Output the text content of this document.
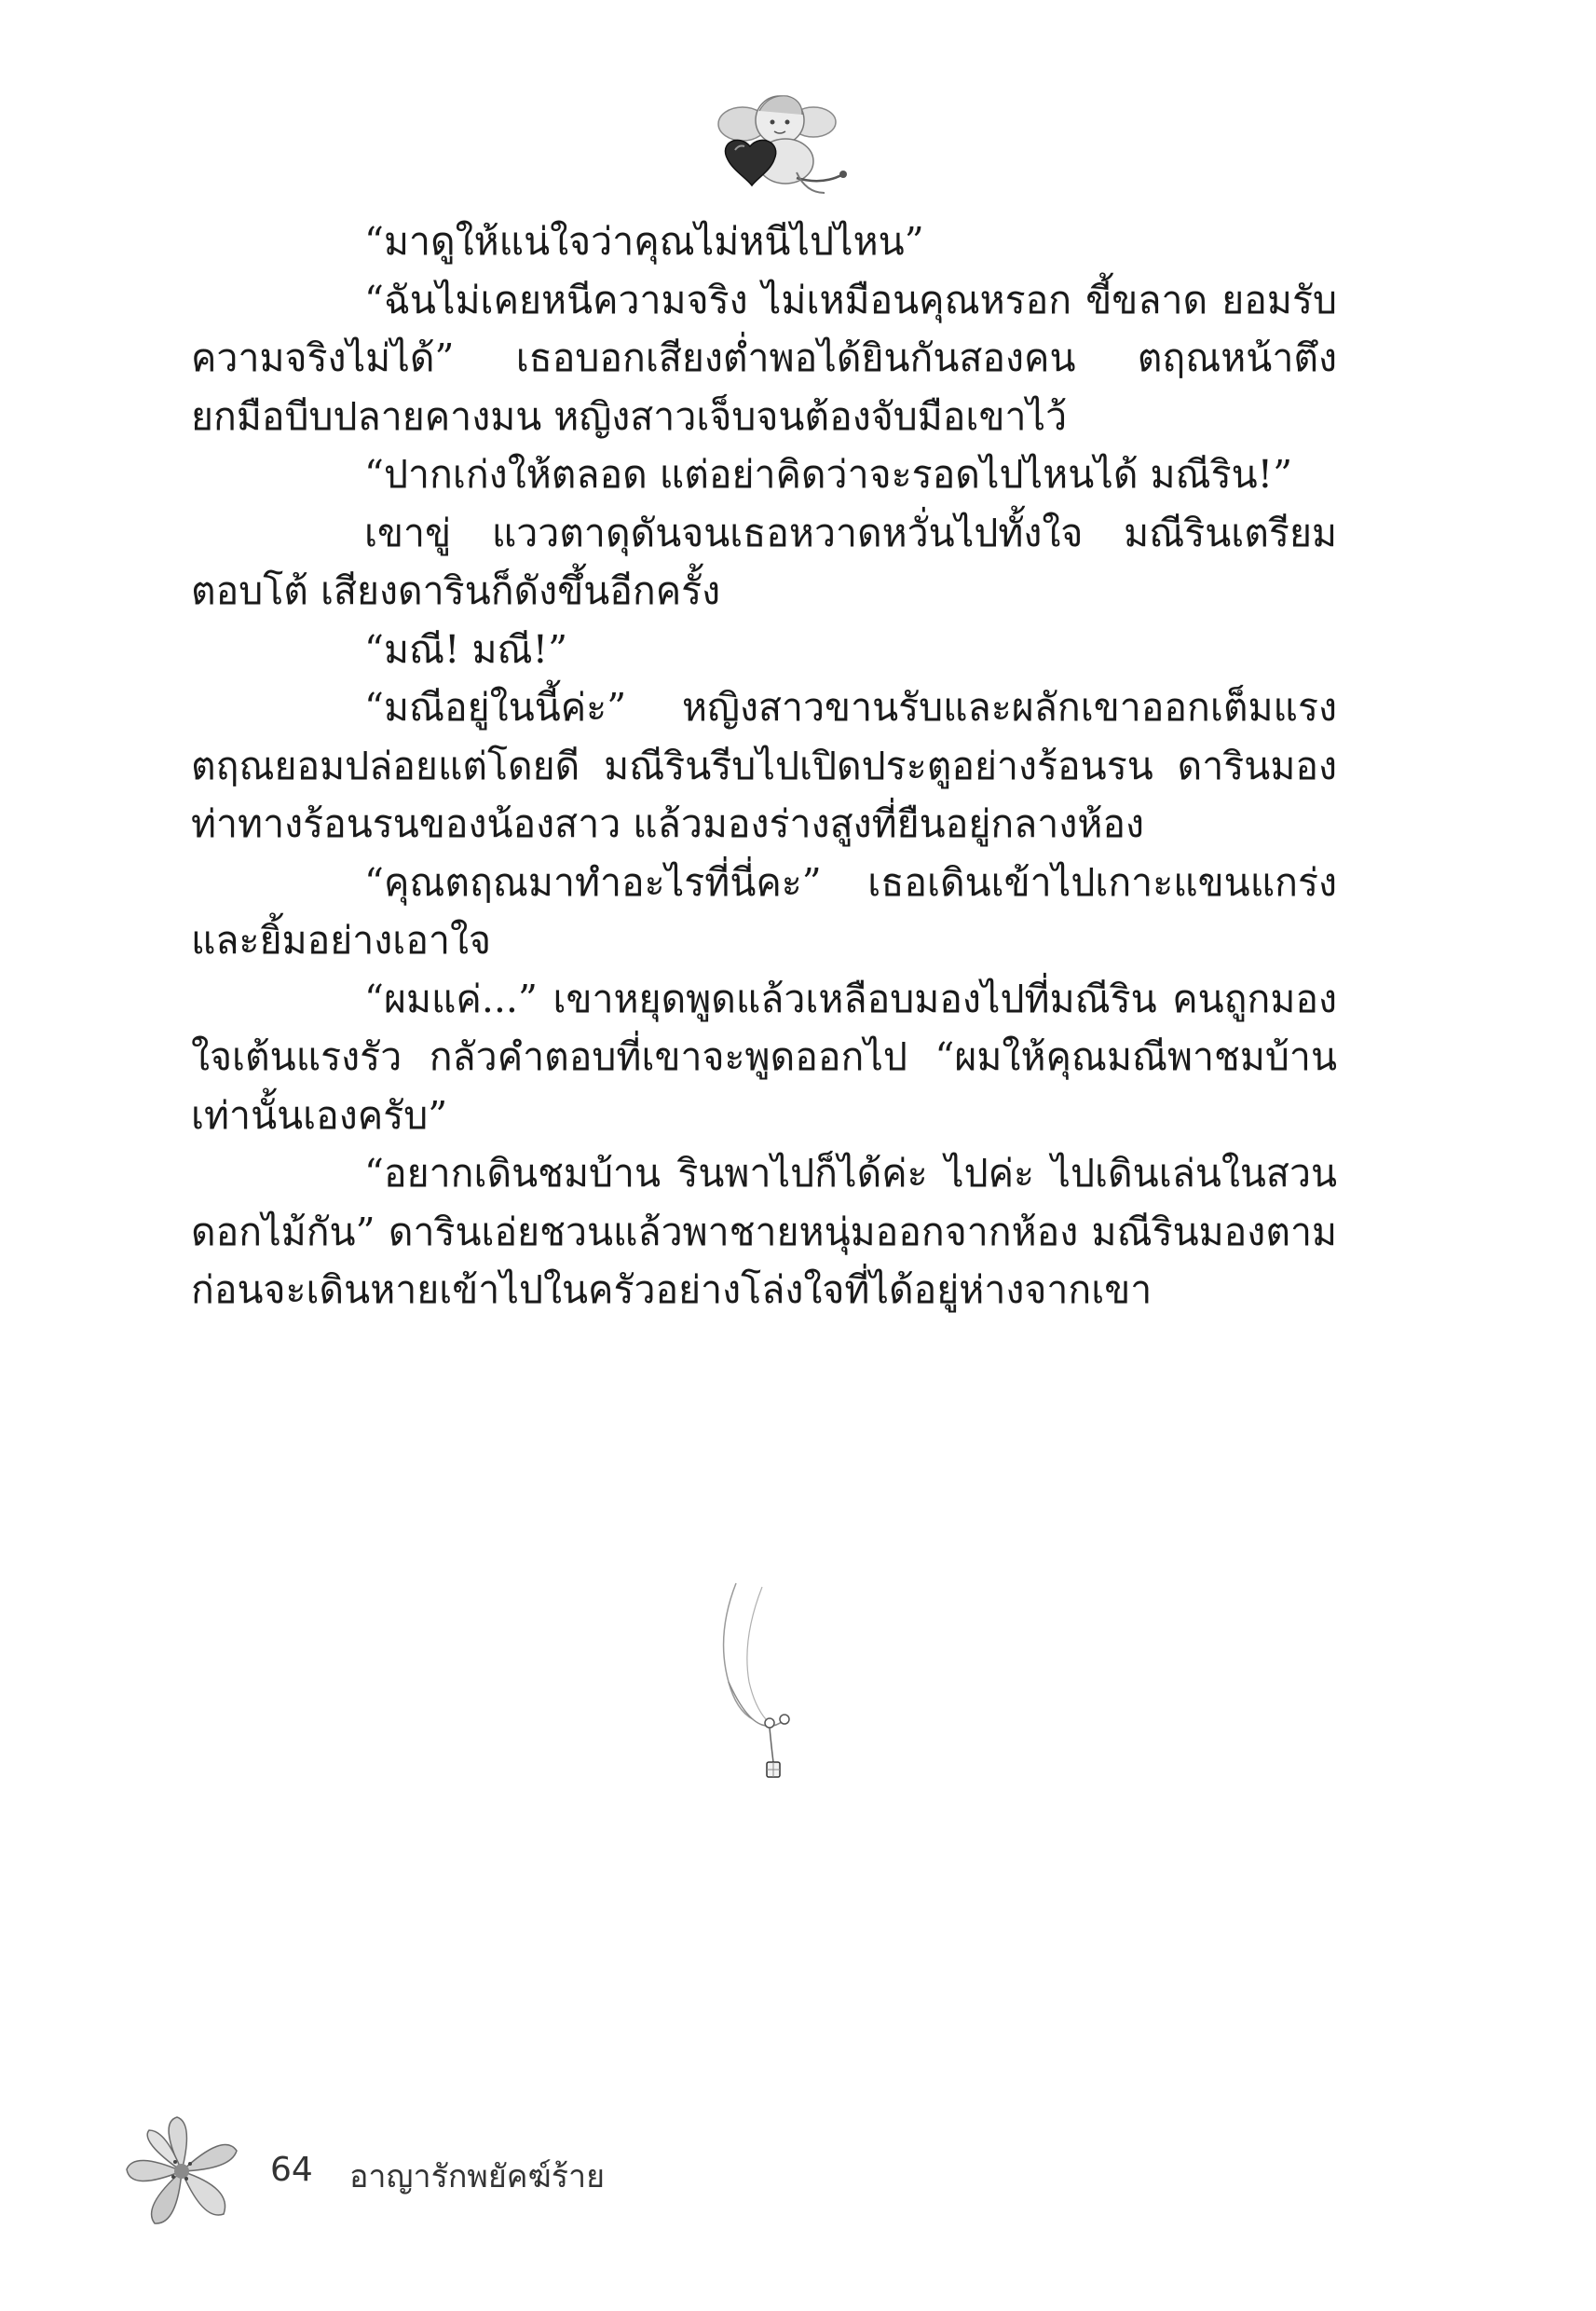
“มาดูให้แน่ใจว่าคุณไม่หนีไปไหน”

“ฉันไม่เคยหนีความจริง ไม่เหมือนคุณหรอก ขี้ขลาด ยอมรับความจริงไม่ได้” เธอบอกเสียงต่ำพอได้ยินกันสองคน ตฤณหน้าตึง ยกมือบีบปลายคางมน หญิงสาวเจ็บจนต้องจับมือเขาไว้

“ปากเก่งให้ตลอด แต่อย่าคิดว่าจะรอดไปไหนได้ มณีริน!”

เขาขู่ แววตาดุดันจนเธอหวาดหวั่นไปทั้งใจ มณีรินเตรียมตอบโต้ เสียงดารินก็ดังขึ้นอีกครั้ง

“มณี! มณี!”

“มณีอยู่ในนี้ค่ะ” หญิงสาวขานรับและผลักเขาออกเต็มแรง ตฤณยอมปล่อยแต่โดยดี มณีรินรีบไปเปิดประตูอย่างร้อนรน ดารินมองท่าทางร้อนรนของน้องสาว แล้วมองร่างสูงที่ยืนอยู่กลางห้อง

“คุณตฤณมาทำอะไรที่นี่คะ” เธอเดินเข้าไปเกาะแขนแกร่ง และยิ้มอย่างเอาใจ

“ผมแค่...” เขาหยุดพูดแล้วเหลือบมองไปที่มณีริน คนถูกมองใจเต้นแรงรัว กลัวคำตอบที่เขาจะพูดออกไป “ผมให้คุณมณีพาชมบ้านเท่านั้นเองครับ”

“อยากเดินชมบ้าน รินพาไปก็ได้ค่ะ ไปค่ะ ไปเดินเล่นในสวนดอกไม้กัน” ดารินเอ่ยชวนแล้วพาชายหนุ่มออกจากห้อง มณีรินมองตามก่อนจะเดินหายเข้าไปในครัวอย่างโล่งใจที่ได้อยู่ห่างจากเขา

64 อาญารักพยัคฆ์ร้าย
